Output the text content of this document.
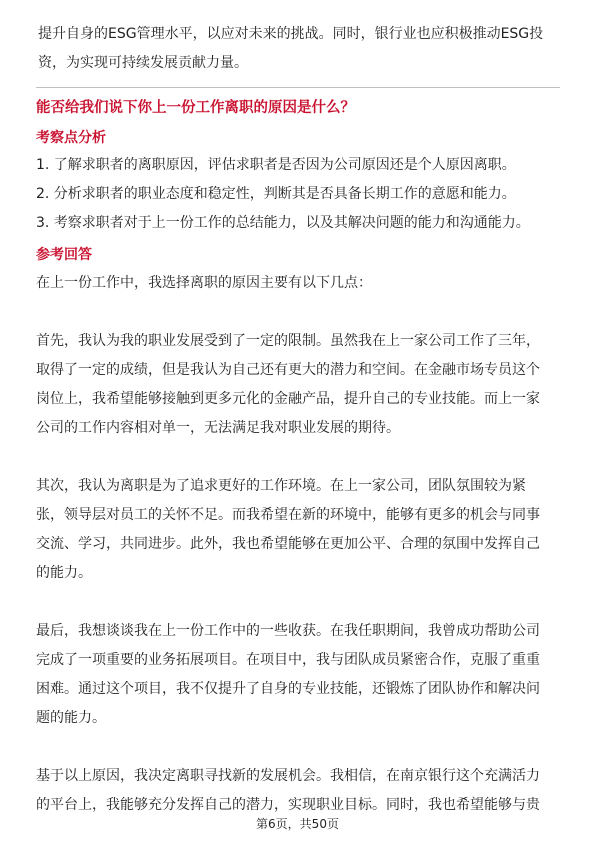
提升自身的ESG管理水平，以应对未来的挑战。同时，银行业也应积极推动ESG投
资，为实现可持续发展贡献力量。
能否给我们说下你上一份工作离职的原因是什么？
考察点分析
1. 了解求职者的离职原因，评估求职者是否因为公司原因还是个人原因离职。
2. 分析求职者的职业态度和稳定性，判断其是否具备长期工作的意愿和能力。
3. 考察求职者对于上一份工作的总结能力，以及其解决问题的能力和沟通能力。
参考回答
在上一份工作中，我选择离职的原因主要有以下几点：
首先，我认为我的职业发展受到了一定的限制。虽然我在上一家公司工作了三年，
取得了一定的成绩，但是我认为自己还有更大的潜力和空间。在金融市场专员这个
岗位上，我希望能够接触到更多元化的金融产品，提升自己的专业技能。而上一家
公司的工作内容相对单一，无法满足我对职业发展的期待。
其次，我认为离职是为了追求更好的工作环境。在上一家公司，团队氛围较为紧
张，领导层对员工的关怀不足。而我希望在新的环境中，能够有更多的机会与同事
交流、学习，共同进步。此外，我也希望能够在更加公平、合理的氛围中发挥自己
的能力。
最后，我想谈谈我在上一份工作中的一些收获。在我任职期间，我曾成功帮助公司
完成了一项重要的业务拓展项目。在项目中，我与团队成员紧密合作，克服了重重
困难。通过这个项目，我不仅提升了自身的专业技能，还锻炼了团队协作和解决问
题的能力。
基于以上原因，我决定离职寻找新的发展机会。我相信，在南京银行这个充满活力
的平台上，我能够充分发挥自己的潜力，实现职业目标。同时，我也希望能够与贵
第6页，共50页
